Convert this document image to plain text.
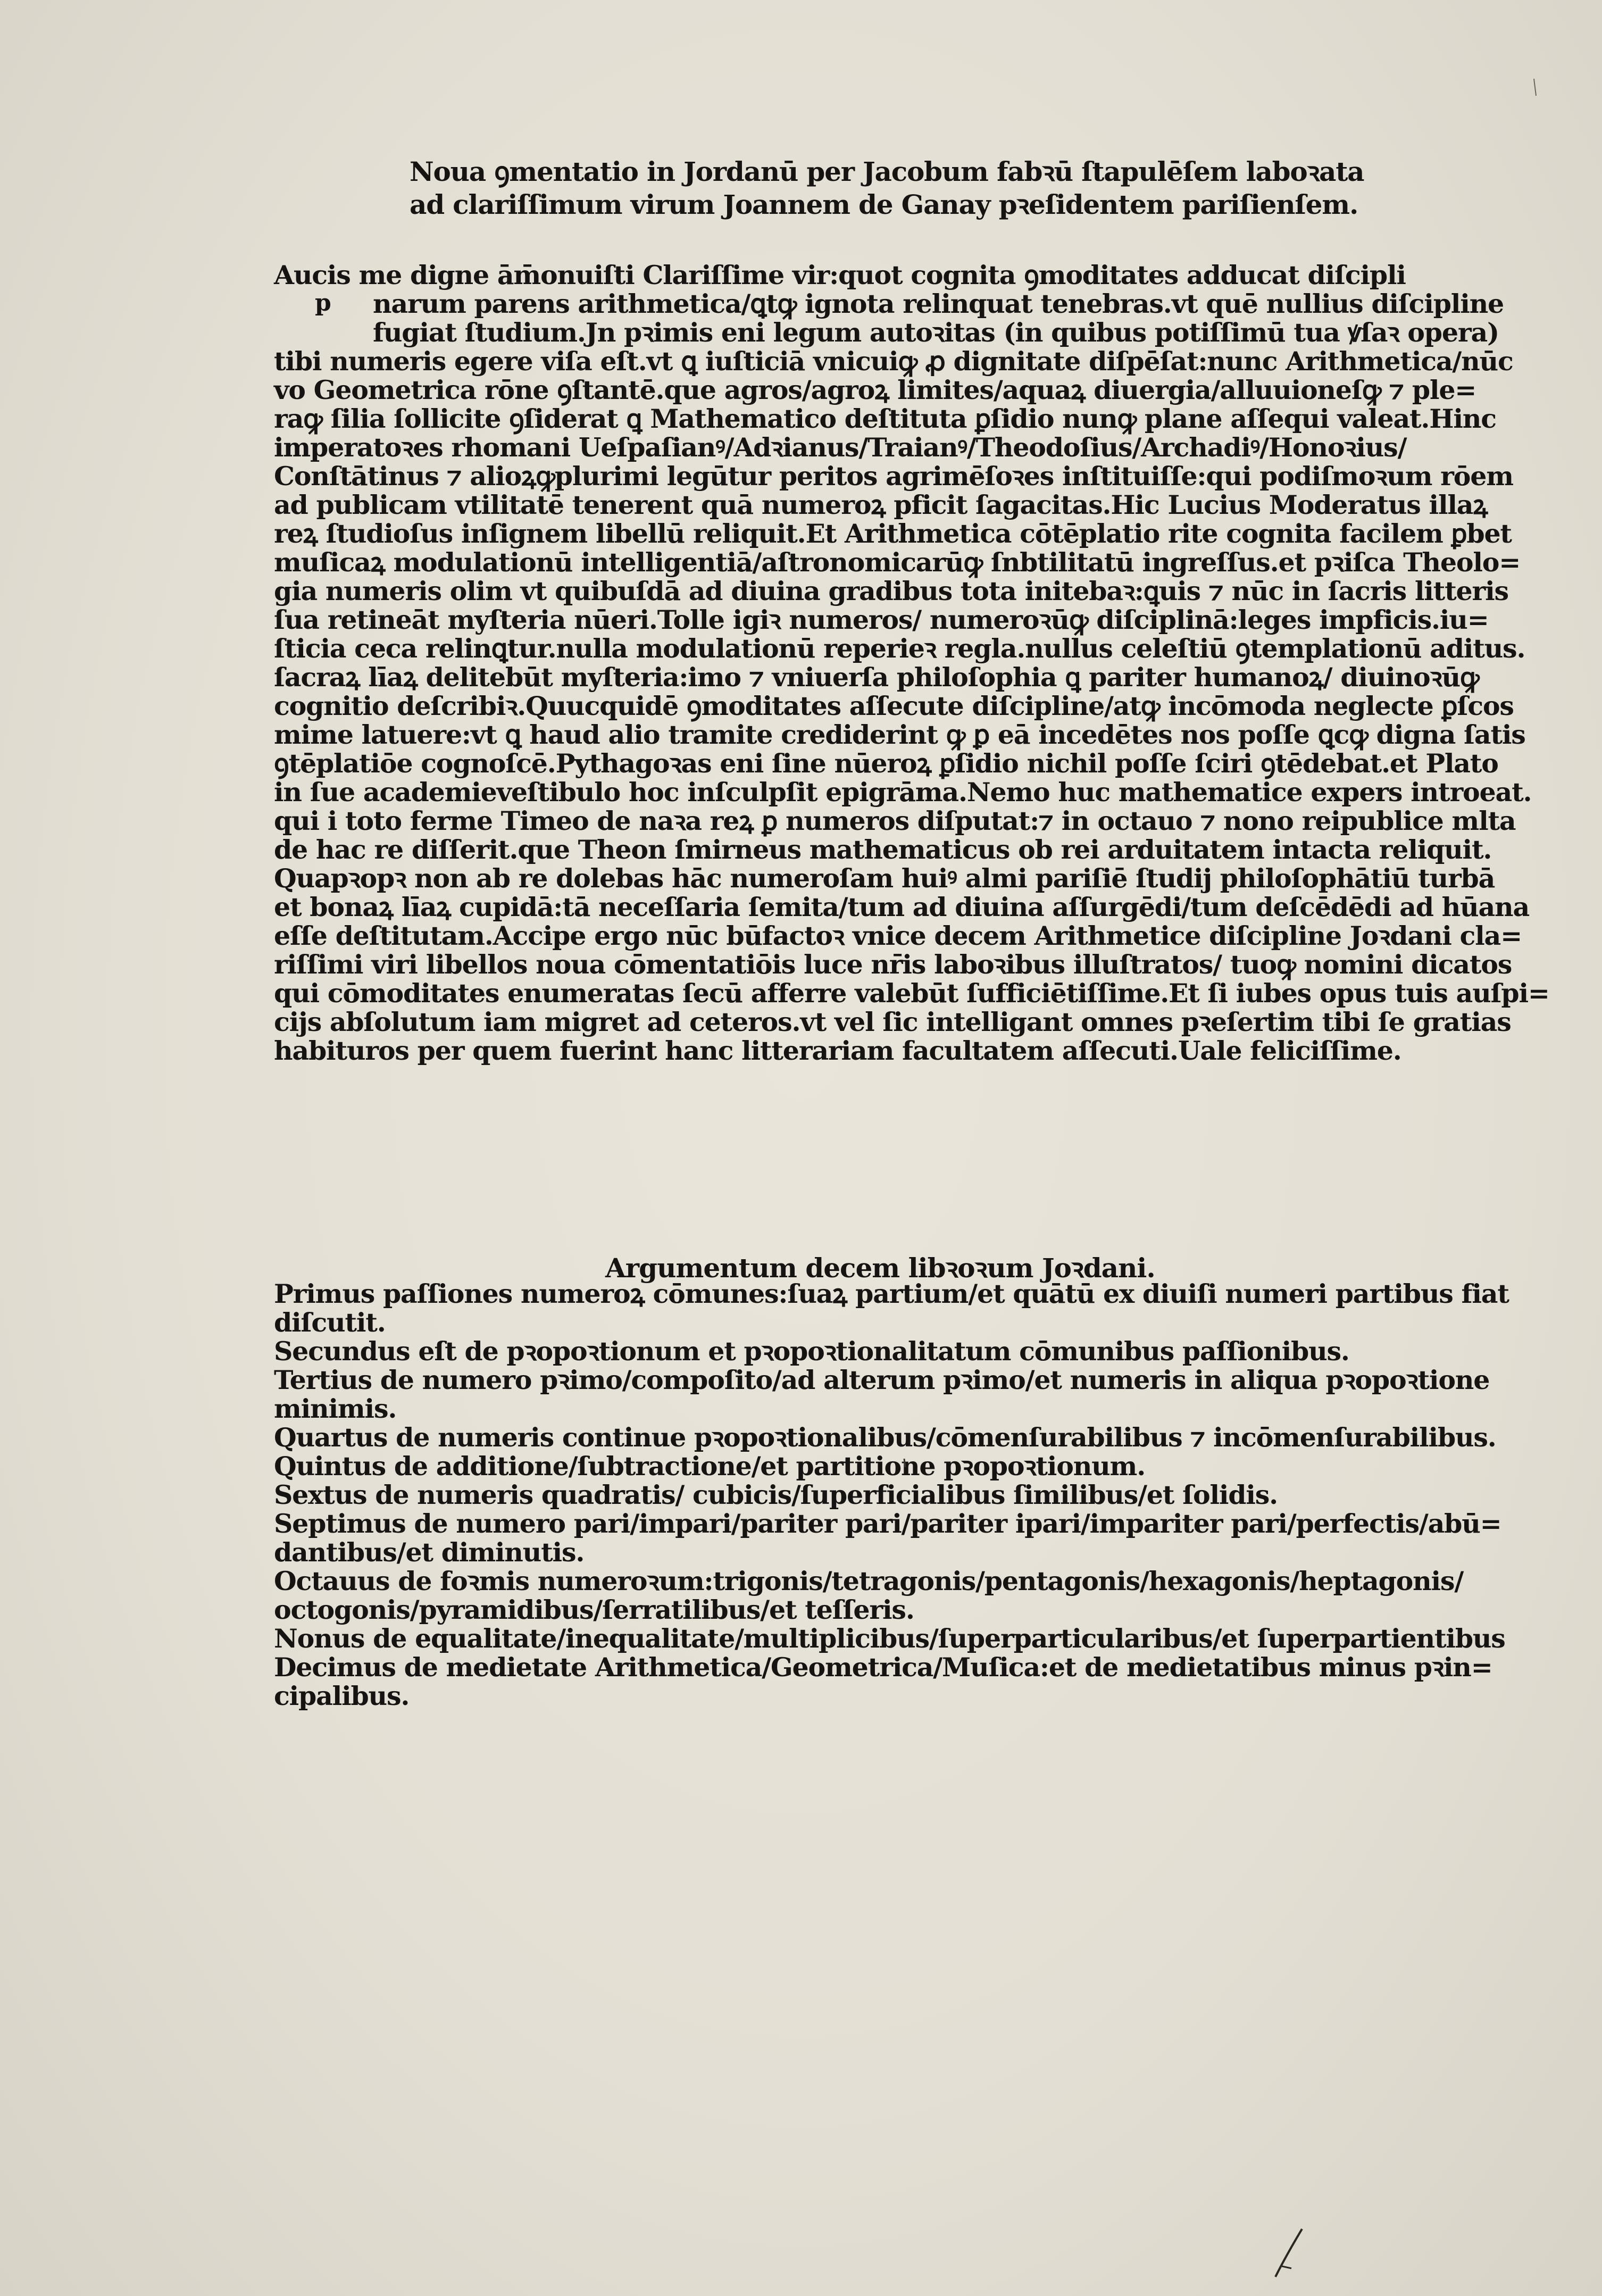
Noua ꝯmentatio in Jordanū per Jacobum fabꝛū ſtapulēſem laboꝛata
ad clariſſimum virum Joannem de Ganay pꝛeſidentem pariſienſem.
p
Aucis me digne ām̄onuiſti Clariſſime vir:quot cognita ꝯmoditates adducat diſcipli
narum parens arithmetica/ꝗtꝙ ignota relinquat tenebras.vt quē nullius diſcipline
fugiat ſtudium.Jn pꝛimis eni legum autoꝛitas (in quibus potiſſimū tua ꝟſaꝛ opera)
tibi numeris egere viſa eſt.vt ꝗ iuſticiā vnicuiꝙ ꝓ dignitate diſpēſat:nunc Arithmetica/nūc
vo Geometrica rōne ꝯſtantē.que agros/agroꝝ limites/aquaꝝ diuergia/alluuioneſꝙ ⁊ ple=
raꝙ ſilia ſollicite ꝯſiderat ꝗ Mathematico deſtituta ꝑſidio nunꝙ plane aſſequi valeat.Hinc
imperatoꝛes rhomani Ueſpaſianꝰ/Adꝛianus/Traianꝰ/Theodoſius/Archadiꝰ/Honoꝛius/
Conſtātinus ⁊ alioꝝꝙplurimi legūtur peritos agrimēſoꝛes inſtituiſſe:qui podiſmoꝛum rōem
ad publicam vtilitatē tenerent quā numeroꝝ pficit ſagacitas.Hic Lucius Moderatus illaꝝ
reꝝ ſtudioſus inſignem libellū reliquit.Et Arithmetica cōtēplatio rite cognita facilem ꝑbet
muſicaꝝ modulationū intelligentiā/aſtronomicarūꝙ ſnbtilitatū ingreſſus.et pꝛiſca Theolo=
gia numeris olim vt quibuſdā ad diuina gradibus tota initebaꝛ:ꝗuis ⁊ nūc in ſacris litteris
ſua retineāt myſteria nūeri.Tolle igiꝛ numeros/ numeroꝛūꝙ diſciplinā:leges impficis.iu=
ſticia ceca relinꝗtur.nulla modulationū reperieꝛ regla.nullus celeſtiū ꝯtemplationū aditus.
ſacraꝝ līaꝝ delitebūt myſteria:imo ⁊ vniuerſa philoſophia ꝗ pariter humanoꝝ/ diuinoꝛūꝙ
cognitio deſcribiꝛ.Quucquidē ꝯmoditates aſſecute diſcipline/atꝙ incōmoda neglecte ꝑſcos
mime latuere:vt ꝗ haud alio tramite crediderint ꝙ ꝑ eā incedētes nos poſſe ꝗcꝙ digna ſatis
ꝯtēplatiōe cognoſcē.Pythagoꝛas eni ſine nūeroꝝ ꝑſidio nichil poſſe ſciri ꝯtēdebat.et Plato
in ſue academieveſtibulo hoc inſculpſit epigrāma.Nemo huc mathematice expers introeat.
qui i toto ferme Timeo de naꝛa reꝝ ꝑ numeros diſputat:⁊ in octauo ⁊ nono reipublice mlta
de hac re diſſerit.que Theon ſmirneus mathematicus ob rei arduitatem intacta reliquit.
Quapꝛopꝛ non ab re dolebas hāc numeroſam huiꝰ almi pariſiē ſtudij philoſophātiū turbā
et bonaꝝ līaꝝ cupidā:tā neceſſaria ſemita/tum ad diuina aſſurgēdi/tum deſcēdēdi ad hūana
eſſe deſtitutam.Accipe ergo nūc būfactoꝛ vnice decem Arithmetice diſcipline Joꝛdani cla=
riſſimi viri libellos noua cōmentatiōis luce nr̄is laboꝛibus illuſtratos/ tuoꝙ nomini dicatos
qui cōmoditates enumeratas ſecū afferre valebūt ſufficiētiſſime.Et ſi iubes opus tuis auſpi=
cijs abſolutum iam migret ad ceteros.vt vel ſic intelligant omnes pꝛeſertim tibi ſe gratias
habituros per quem fuerint hanc litterariam facultatem aſſecuti.Uale feliciſſime.
Argumentum decem libꝛoꝛum Joꝛdani.
Primus paſſiones numeroꝝ cōmunes:ſuaꝝ partium/et quātū ex diuiſi numeri partibus fiat
diſcutit.
Secundus eſt de pꝛopoꝛtionum et pꝛopoꝛtionalitatum cōmunibus paſſionibus.
Tertius de numero pꝛimo/compoſito/ad alterum pꝛimo/et numeris in aliqua pꝛopoꝛtione
minimis.
Quartus de numeris continue pꝛopoꝛtionalibus/cōmenſurabilibus ⁊ incōmenſurabilibus.
Quintus de additione/ſubtractione/et partitione pꝛopoꝛtionum.
Sextus de numeris quadratis/ cubicis/ſuperficialibus ſimilibus/et ſolidis.
Septimus de numero pari/impari/pariter pari/pariter ipari/impariter pari/perfectis/abū=
dantibus/et diminutis.
Octauus de foꝛmis numeroꝛum:trigonis/tetragonis/pentagonis/hexagonis/heptagonis/
octogonis/pyramidibus/ſerratilibus/et teſſeris.
Nonus de equalitate/inequalitate/multiplicibus/ſuperparticularibus/et ſuperpartientibus
Decimus de medietate Arithmetica/Geometrica/Muſica:et de medietatibus minus pꝛin=
cipalibus.
